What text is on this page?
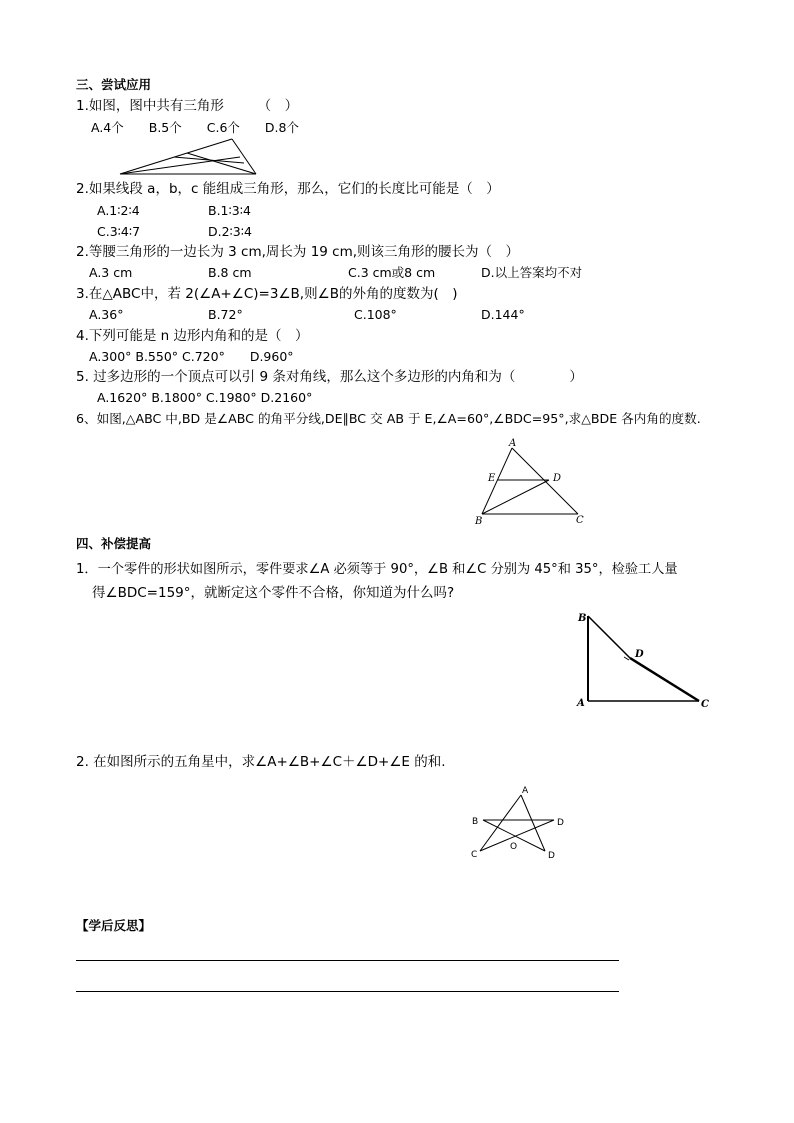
三、尝试应用
1.如图，图中共有三角形　　　（　）
A.4个　　B.5个　　C.6个　　D.8个
2.如果线段 a，b，c 能组成三角形，那么，它们的长度比可能是（　）
A.1∶2∶4	B.1∶3∶4
C.3∶4∶7	D.2∶3∶4
2.等腰三角形的一边长为 3 cm,周长为 19 cm,则该三角形的腰长为（　）
A.3 cm	B.8 cm	C.3 cm或8 cm	D.以上答案均不对
3.在△ABC中，若 2(∠A+∠C)=3∠B,则∠B的外角的度数为(　)
A.36°	B.72°	C.108°	D.144°
4.下列可能是 n 边形内角和的是（　）
A.300° B.550° C.720°　　D.960°
5. 过多边形的一个顶点可以引 9 条对角线，那么这个多边形的内角和为（　　　　）
A.1620° B.1800° C.1980° D.2160°
6、如图,△ABC 中,BD 是∠ABC 的角平分线,DE∥BC 交 AB 于 E,∠A=60°,∠BDC=95°,求△BDE 各内角的度数.
A
E	D
B	C
四、补偿提高
1．一个零件的形状如图所示，零件要求∠A 必须等于 90°，∠B 和∠C 分别为 45°和 35°，检验工人量
得∠BDC=159°，就断定这个零件不合格，你知道为什么吗?
B
D
A	C
2. 在如图所示的五角星中，求∠A+∠B+∠C＋∠D+∠E 的和.
A
B	D
C
O
D
【学后反思】
